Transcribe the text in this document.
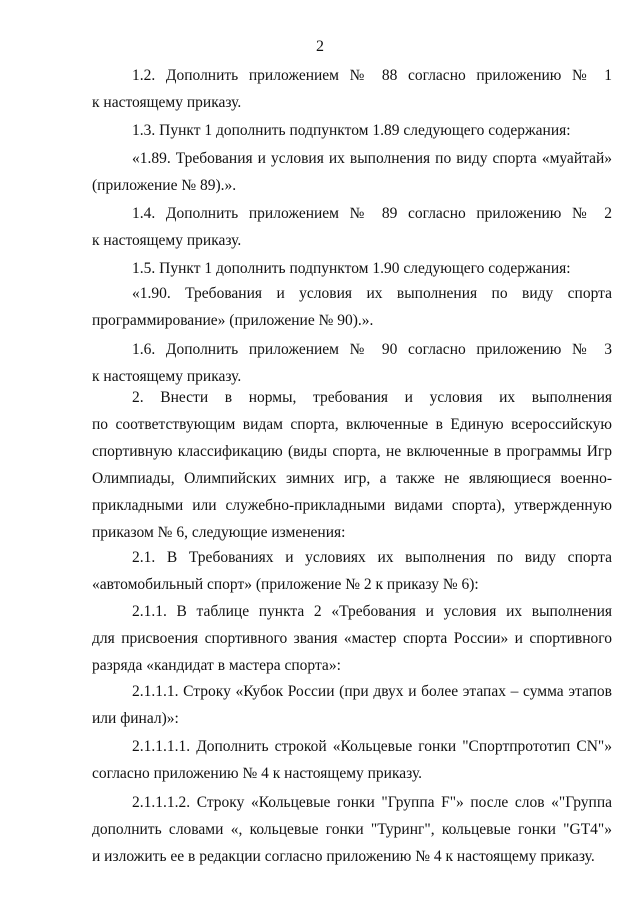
2
1.2. Дополнить приложением № 88 согласно приложению № 1
к настоящему приказу.
1.3. Пункт 1 дополнить подпунктом 1.89 следующего содержания:
«1.89. Требования и условия их выполнения по виду спорта «муайтай»
(приложение № 89).».
1.4. Дополнить приложением № 89 согласно приложению № 2
к настоящему приказу.
1.5. Пункт 1 дополнить подпунктом 1.90 следующего содержания:
«1.90. Требования и условия их выполнения по виду спорта
программирование» (приложение № 90).».
1.6. Дополнить приложением № 90 согласно приложению № 3
к настоящему приказу.
2. Внести в нормы, требования и условия их выполнения
по соответствующим видам спорта, включенные в Единую всероссийскую
спортивную классификацию (виды спорта, не включенные в программы Игр
Олимпиады, Олимпийских зимних игр, а также не являющиеся военно-
прикладными или служебно-прикладными видами спорта), утвержденную
приказом № 6, следующие изменения:
2.1. В Требованиях и условиях их выполнения по виду спорта
«автомобильный спорт» (приложение № 2 к приказу № 6):
2.1.1. В таблице пункта 2 «Требования и условия их выполнения
для присвоения спортивного звания «мастер спорта России» и спортивного
разряда «кандидат в мастера спорта»:
2.1.1.1. Строку «Кубок России (при двух и более этапах – сумма этапов
или финал)»:
2.1.1.1.1. Дополнить строкой «Кольцевые гонки "Спортпрототип CN"»
согласно приложению № 4 к настоящему приказу.
2.1.1.1.2. Строку «Кольцевые гонки "Группа F"» после слов «"Группа
дополнить словами «, кольцевые гонки "Туринг", кольцевые гонки "GT4"»
и изложить ее в редакции согласно приложению № 4 к настоящему приказу.
